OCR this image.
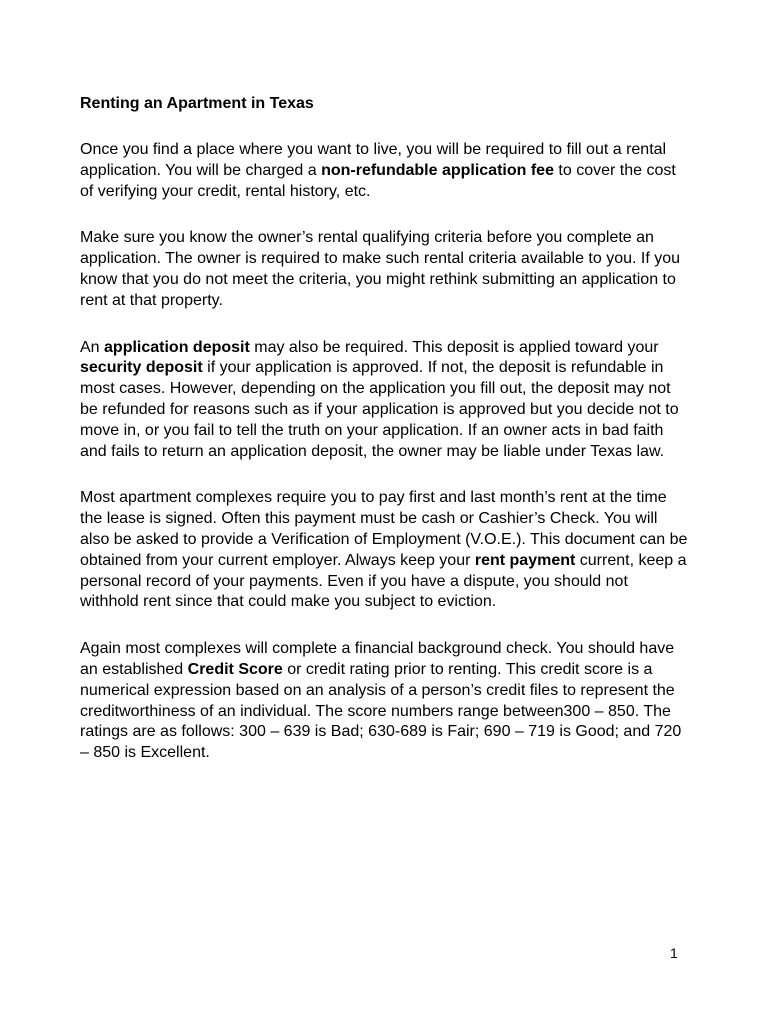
Renting an Apartment in Texas

Once you find a place where you want to live, you will be required to fill out a rental application. You will be charged a non-refundable application fee to cover the cost of verifying your credit, rental history, etc.

Make sure you know the owner’s rental qualifying criteria before you complete an application. The owner is required to make such rental criteria available to you. If you know that you do not meet the criteria, you might rethink submitting an application to rent at that property.

An application deposit may also be required. This deposit is applied toward your security deposit if your application is approved. If not, the deposit is refundable in most cases. However, depending on the application you fill out, the deposit may not be refunded for reasons such as if your application is approved but you decide not to move in, or you fail to tell the truth on your application. If an owner acts in bad faith and fails to return an application deposit, the owner may be liable under Texas law.

Most apartment complexes require you to pay first and last month’s rent at the time the lease is signed. Often this payment must be cash or Cashier’s Check. You will also be asked to provide a Verification of Employment (V.O.E.). This document can be obtained from your current employer. Always keep your rent payment current, keep a personal record of your payments. Even if you have a dispute, you should not withhold rent since that could make you subject to eviction.

Again most complexes will complete a financial background check. You should have an established Credit Score or credit rating prior to renting. This credit score is a numerical expression based on an analysis of a person’s credit files to represent the creditworthiness of an individual. The score numbers range between300 – 850. The ratings are as follows: 300 – 639 is Bad; 630-689 is Fair; 690 – 719 is Good; and 720 – 850 is Excellent.

1
